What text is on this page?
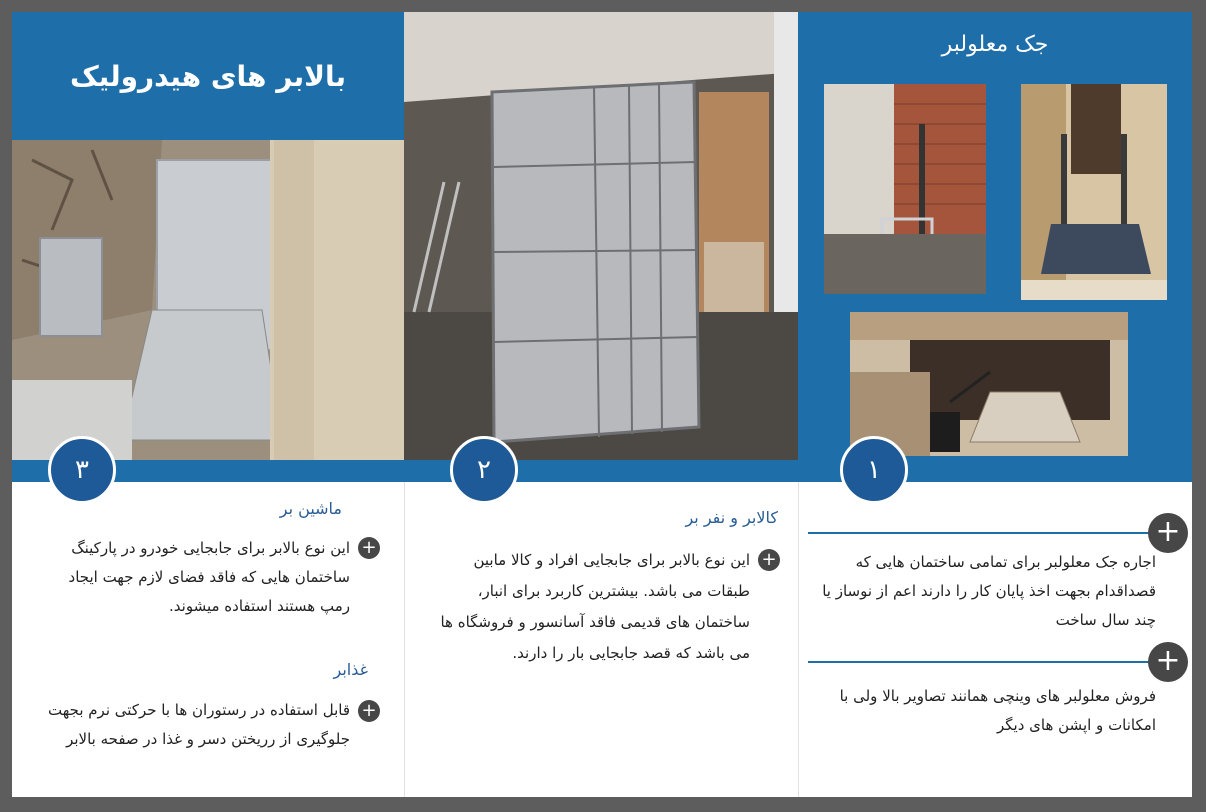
بالابر های هیدرولیک
جک معلولبر
۳	۲	۱
ماشین بر
+
این نوع بالابر برای جابجایی خودرو در پارکینگ ساختمان هایی که فاقد فضای لازم جهت ایجاد رمپ هستند استفاده میشوند.
غذابر
+
قابل استفاده در رستوران ها با حرکتی نرم بجهت جلوگیری از رریختن دسر و غذا در صفحه بالابر
کالابر و نفر بر
+
این نوع بالابر برای جابجایی افراد و کالا مابین طبقات می باشد. بیشترین کاربرد برای انبار، ساختمان های قدیمی فاقد آسانسور و فروشگاه ها می باشد که قصد جابجایی بار را دارند.
+
اجاره جک معلولبر برای تمامی ساختمان هایی که قصداقدام بجهت اخذ پایان کار را دارند اعم از نوساز یا چند سال ساخت
+
فروش معلولبر های وینچی همانند تصاویر بالا ولی با امکانات و اپشن های دیگر
